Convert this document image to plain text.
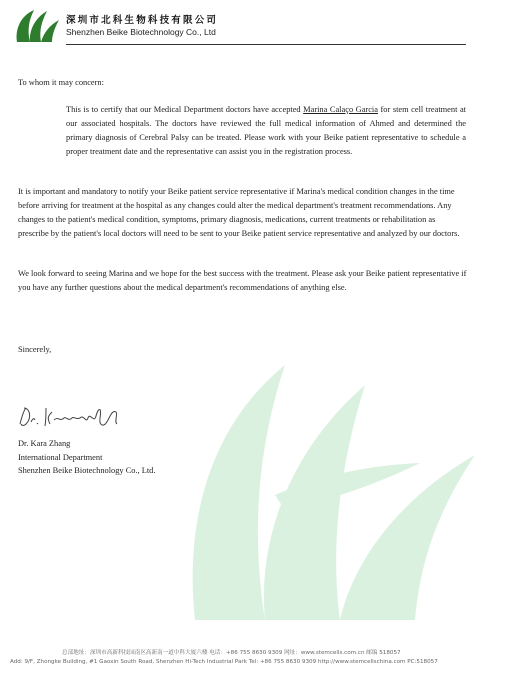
深圳市北科生物科技有限公司
Shenzhen Beike Biotechnology Co., Ltd

To whom it may concern:

This is to certify that our Medical Department doctors have accepted Marina Calaço Garcia for stem cell treatment at our associated hospitals. The doctors have reviewed the full medical information of Ahmed and determined the primary diagnosis of Cerebral Palsy can be treated. Please work with your Beike patient representative to schedule a proper treatment date and the representative can assist you in the registration process.

It is important and mandatory to notify your Beike patient service representative if Marina's medical condition changes in the time before arriving for treatment at the hospital as any changes could alter the medical department's treatment recommendations. Any changes to the patient's medical condition, symptoms, primary diagnosis, medications, current treatments or rehabilitation as prescribe by the patient's local doctors will need to be sent to your Beike patient service representative and analyzed by our doctors.

We look forward to seeing Marina and we hope for the best success with the treatment. Please ask your Beike patient representative if you have any further questions about the medical department's recommendations of anything else.

Sincerely,

Dr. Kara Zhang
International Department
Shenzhen Beike Biotechnology Co., Ltd.
总部地址：深圳市高新科技园南区高新南一道中科大厦六楼 电话：+86 755 8630 9309 网址：www.stemcells.com.cn 邮编 518057
Add: 9/F, Zhongke Building, #1 Gaoxin South Road, Shenzhen Hi-Tech Industrial Park Tel: +86 755 8630 9309 http://www.stemcellschina.com PC:518057
